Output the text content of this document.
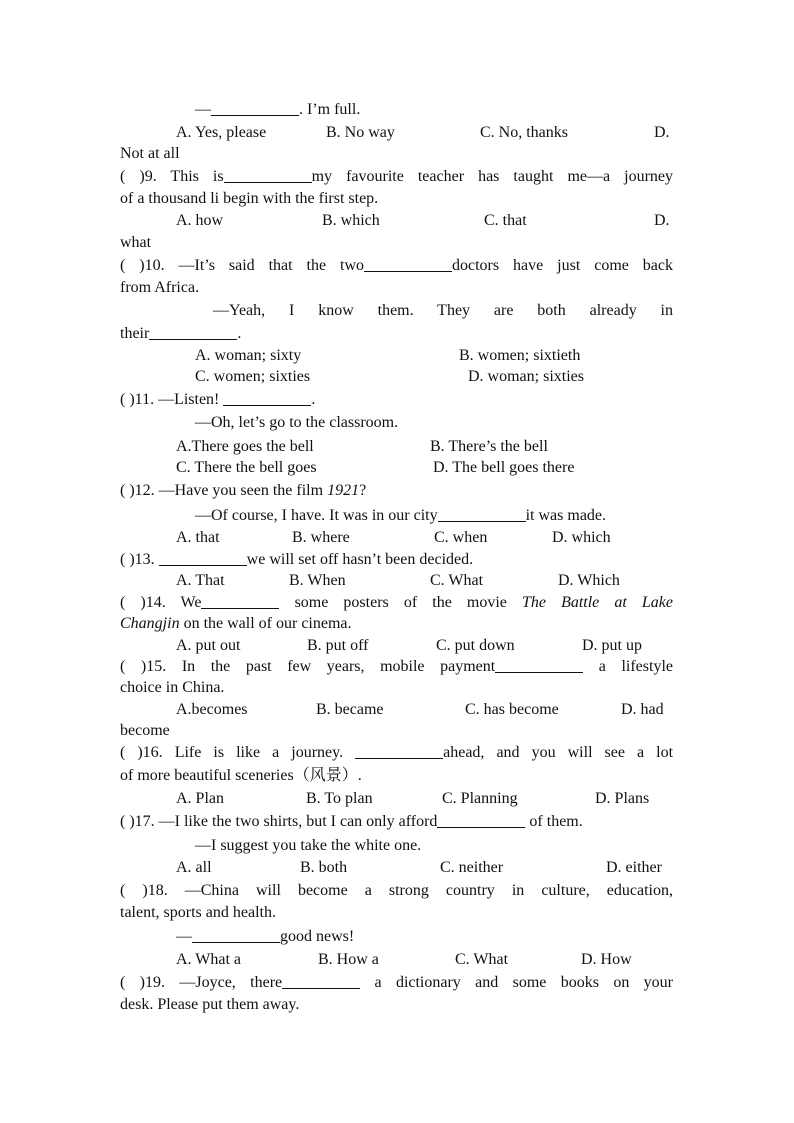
—	. I’m full.
A. Yes, please	B. No way	C. No, thanks	D.
Not at all
( )9. This is	my favourite teacher has taught me—a journey
of a thousand li begin with the first step.
A. how	B. which	C. that	D.
what
( )10. —It’s said that the two	doctors have just come back
from Africa.
—Yeah, I know them. They are both already in
their	.
A. woman; sixty	B. women; sixtieth
C. women; sixties	D. woman; sixties
( )11. —Listen!	.
—Oh, let’s go to the classroom.
A.There goes the bell	B. There’s the bell
C. There the bell goes	D. The bell goes there
( )12. —Have you seen the film 1921?
—Of course, I have. It was in our city	it was made.
A. that	B. where	C. when	D. which
( )13.	we will set off hasn’t been decided.
A. That	B. When	C. What	D. Which
( )14. We	some posters of the movie The Battle at Lake
Changjin on the wall of our cinema.
A. put out	B. put off	C. put down	D. put up
( )15. In the past few years, mobile payment	a lifestyle
choice in China.
A.becomes	B. became	C. has become	D. had
become
( )16. Life is like a journey.	ahead, and you will see a lot
of more beautiful sceneries（风景）.
A. Plan	B. To plan	C. Planning	D. Plans
( )17. —I like the two shirts, but I can only afford	of them.
—I suggest you take the white one.
A. all	B. both	C. neither	D. either
( )18. —China will become a strong country in culture, education,
talent, sports and health.
—	good news!
A. What a	B. How a	C. What	D. How
( )19. —Joyce, there	a dictionary and some books on your
desk. Please put them away.
